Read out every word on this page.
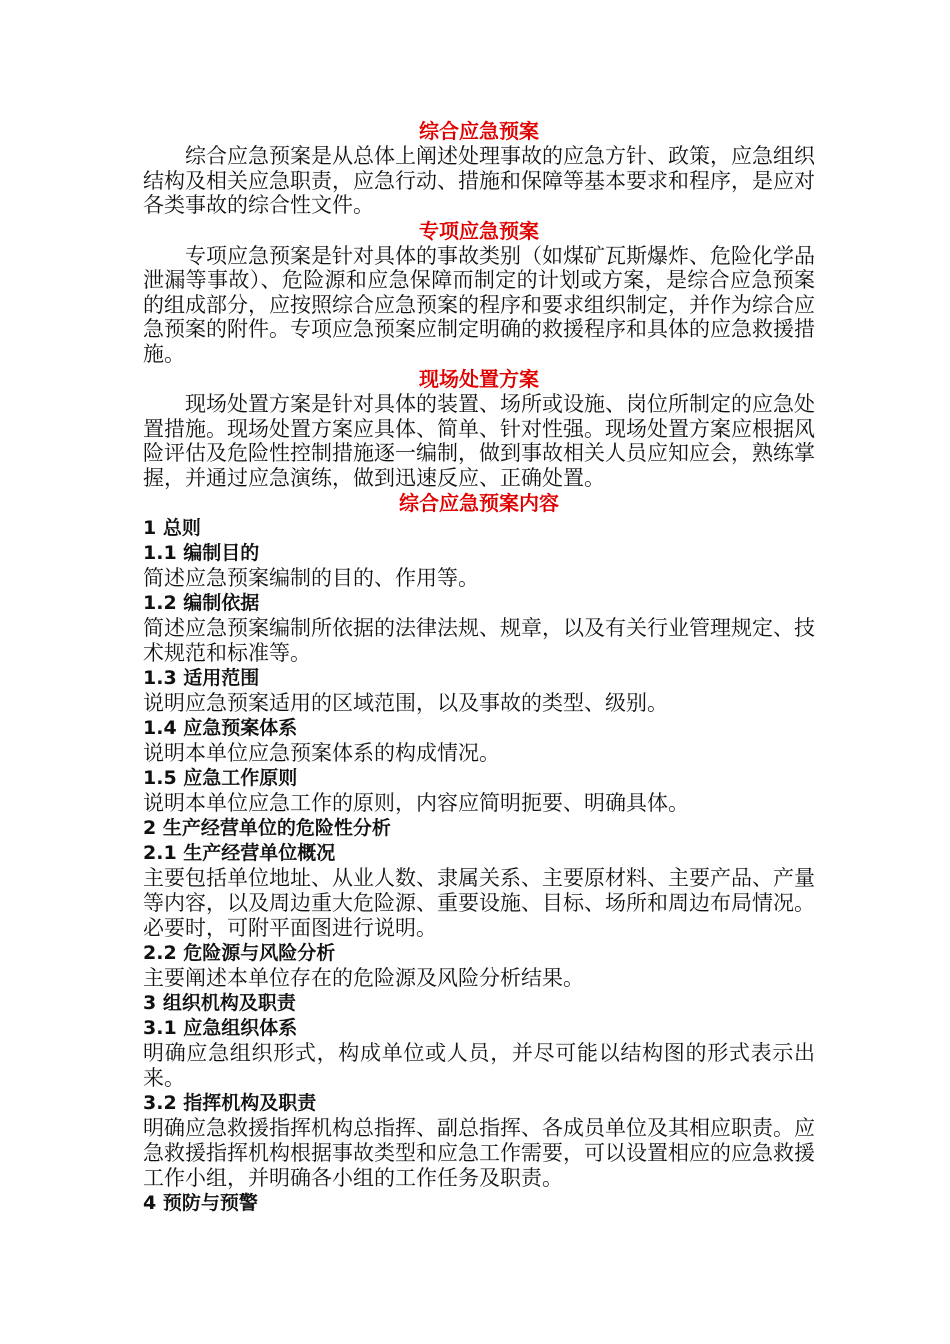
综合应急预案

综合应急预案是从总体上阐述处理事故的应急方针、政策，应急组织结构及相关应急职责，应急行动、措施和保障等基本要求和程序，是应对各类事故的综合性文件。

专项应急预案

专项应急预案是针对具体的事故类别（如煤矿瓦斯爆炸、危险化学品泄漏等事故）、危险源和应急保障而制定的计划或方案，是综合应急预案的组成部分，应按照综合应急预案的程序和要求组织制定，并作为综合应急预案的附件。专项应急预案应制定明确的救援程序和具体的应急救援措施。

现场处置方案

现场处置方案是针对具体的装置、场所或设施、岗位所制定的应急处置措施。现场处置方案应具体、简单、针对性强。现场处置方案应根据风险评估及危险性控制措施逐一编制，做到事故相关人员应知应会，熟练掌握，并通过应急演练，做到迅速反应、正确处置。

综合应急预案内容
1 总则
1.1 编制目的

简述应急预案编制的目的、作用等。

1.2 编制依据

简述应急预案编制所依据的法律法规、规章，以及有关行业管理规定、技术规范和标准等。

1.3 适用范围

说明应急预案适用的区域范围，以及事故的类型、级别。

1.4 应急预案体系

说明本单位应急预案体系的构成情况。

1.5 应急工作原则

说明本单位应急工作的原则，内容应简明扼要、明确具体。

2 生产经营单位的危险性分析
2.1 生产经营单位概况

主要包括单位地址、从业人数、隶属关系、主要原材料、主要产品、产量等内容，以及周边重大危险源、重要设施、目标、场所和周边布局情况。必要时，可附平面图进行说明。

2.2 危险源与风险分析

主要阐述本单位存在的危险源及风险分析结果。

3 组织机构及职责
3.1 应急组织体系

明确应急组织形式，构成单位或人员，并尽可能以结构图的形式表示出来。

3.2 指挥机构及职责

明确应急救援指挥机构总指挥、副总指挥、各成员单位及其相应职责。应急救援指挥机构根据事故类型和应急工作需要，可以设置相应的应急救援工作小组，并明确各小组的工作任务及职责。

4 预防与预警
